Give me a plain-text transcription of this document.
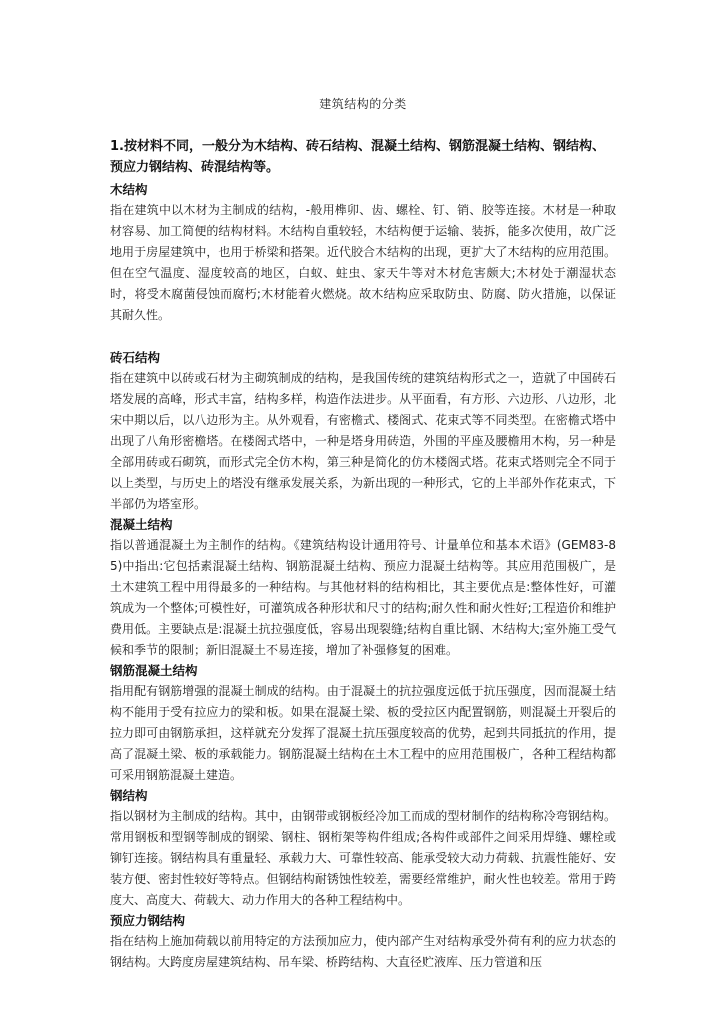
建筑结构的分类
1.按材料不同，一般分为木结构、砖石结构、混凝土结构、钢筋混凝土结构、钢结构、预应力钢结构、砖混结构等。
木结构
指在建筑中以木材为主制成的结构，-般用榫卯、齿、螺栓、钉、销、胶等连接。木材是一种取材容易、加工简便的结构材料。木结构自重较轻，木结构便于运输、装拆，能多次使用，故广泛地用于房屋建筑中，也用于桥梁和搭架。近代胶合木结构的出现，更扩大了木结构的应用范围。但在空气温度、湿度较高的地区，白蚁、蛀虫、家天牛等对木材危害颇大;木材处于潮湿状态时，将受木腐菌侵蚀而腐朽;木材能着火燃烧。故木结构应采取防虫、防腐、防火措施，以保证其耐久性。
砖石结构
指在建筑中以砖或石材为主砌筑制成的结构，是我国传统的建筑结构形式之一，造就了中国砖石塔发展的高峰，形式丰富，结构多样，构造作法进步。从平面看，有方形、六边形、八边形，北宋中期以后，以八边形为主。从外观看，有密檐式、楼阁式、花束式等不同类型。在密檐式塔中出现了八角形密檐塔。在楼阁式塔中，一种是塔身用砖造，外围的平座及腰檐用木构，另一种是全部用砖或石砌筑，而形式完全仿木构，第三种是简化的仿木楼阁式塔。花束式塔则完全不同于以上类型，与历史上的塔没有继承发展关系，为新出现的一种形式，它的上半部外作花束式，下半部仍为塔室形。
混凝土结构
指以普通混凝土为主制作的结构。《建筑结构设计通用符号、计量单位和基本术语》(GEM83-85)中指出:它包括素混凝土结构、钢筋混凝土结构、预应力混凝土结构等。其应用范围极广，是土木建筑工程中用得最多的一种结构。与其他材料的结构相比，其主要优点是:整体性好，可灌筑成为一个整体;可模性好，可灌筑成各种形状和尺寸的结构;耐久性和耐火性好;工程造价和维护费用低。主要缺点是:混凝土抗拉强度低，容易出现裂缝;结构自重比钢、木结构大;室外施工受气候和季节的限制；新旧混凝土不易连接，增加了补强修复的困难。
钢筋混凝土结构
指用配有钢筋增强的混凝土制成的结构。由于混凝土的抗拉强度远低于抗压强度，因而混凝土结构不能用于受有拉应力的梁和板。如果在混凝土梁、板的受拉区内配置钢筋，则混凝土开裂后的拉力即可由钢筋承担，这样就充分发挥了混凝土抗压强度较高的优势，起到共同抵抗的作用，提高了混凝土梁、板的承载能力。钢筋混凝土结构在土木工程中的应用范围极广，各种工程结构都可采用钢筋混凝土建造。
钢结构
指以钢材为主制成的结构。其中，由钢带或钢板经冷加工而成的型材制作的结构称冷弯钢结构。常用钢板和型钢等制成的钢梁、钢柱、钢桁架等构件组成;各构件或部件之间采用焊缝、螺栓或铆钉连接。钢结构具有重量轻、承载力大、可靠性较高、能承受较大动力荷载、抗震性能好、安装方便、密封性较好等特点。但钢结构耐锈蚀性较差，需要经常维护，耐火性也较差。常用于跨度大、高度大、荷载大、动力作用大的各种工程结构中。
预应力钢结构
指在结构上施加荷载以前用特定的方法预加应力，使内部产生对结构承受外荷有利的应力状态的钢结构。大跨度房屋建筑结构、吊车梁、桥跨结构、大直径贮液库、压力管道和压
